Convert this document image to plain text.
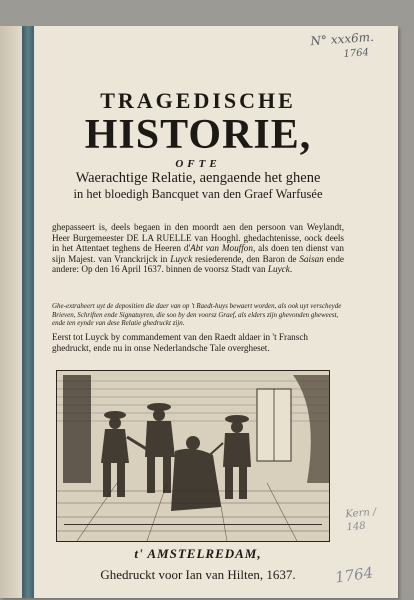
N° xxx6m.
1764
TRAGEDISCHE
HISTORIE,
OFTE
Waerachtige Relatie, aengaende het ghene
in het bloedigh Bancquet van den Graef Warfusée
ghepasseert is, deels begaen in den moordt aen den persoon van Weylandt, Heer Burgemeester DE LA RUELLE van Hooghl. ghedachtenisse, oock deels in het Attentaet teghens de Heeren d'Abt van Mouffon, als doen ten dienst van sijn Majest. van Vranckrijck in Luyck resiederende, den Baron de Saisan ende andere: Op den 16 April 1637. binnen de voorsz Stadt van Luyck.
Ghe-extraheert uyt de depositien die daer van op 't Raedt-huys bewaert worden, als ook uyt verscheyde Brieven, Schriften ende Signatuyren, die soo by den voorsz Graef, als elders zijn ghevonden gheweest, ende ten eynde van dese Relatie ghedruckt zijn.
Eerst tot Luyck by commandement van den Raedt aldaer in 't Fransch ghedruckt, ende nu in onse Nederlandsche Tale overgheset.
t' AMSTELREDAM,
Ghedruckt voor Ian van Hilten, 1637.
Kern / 148
1764
